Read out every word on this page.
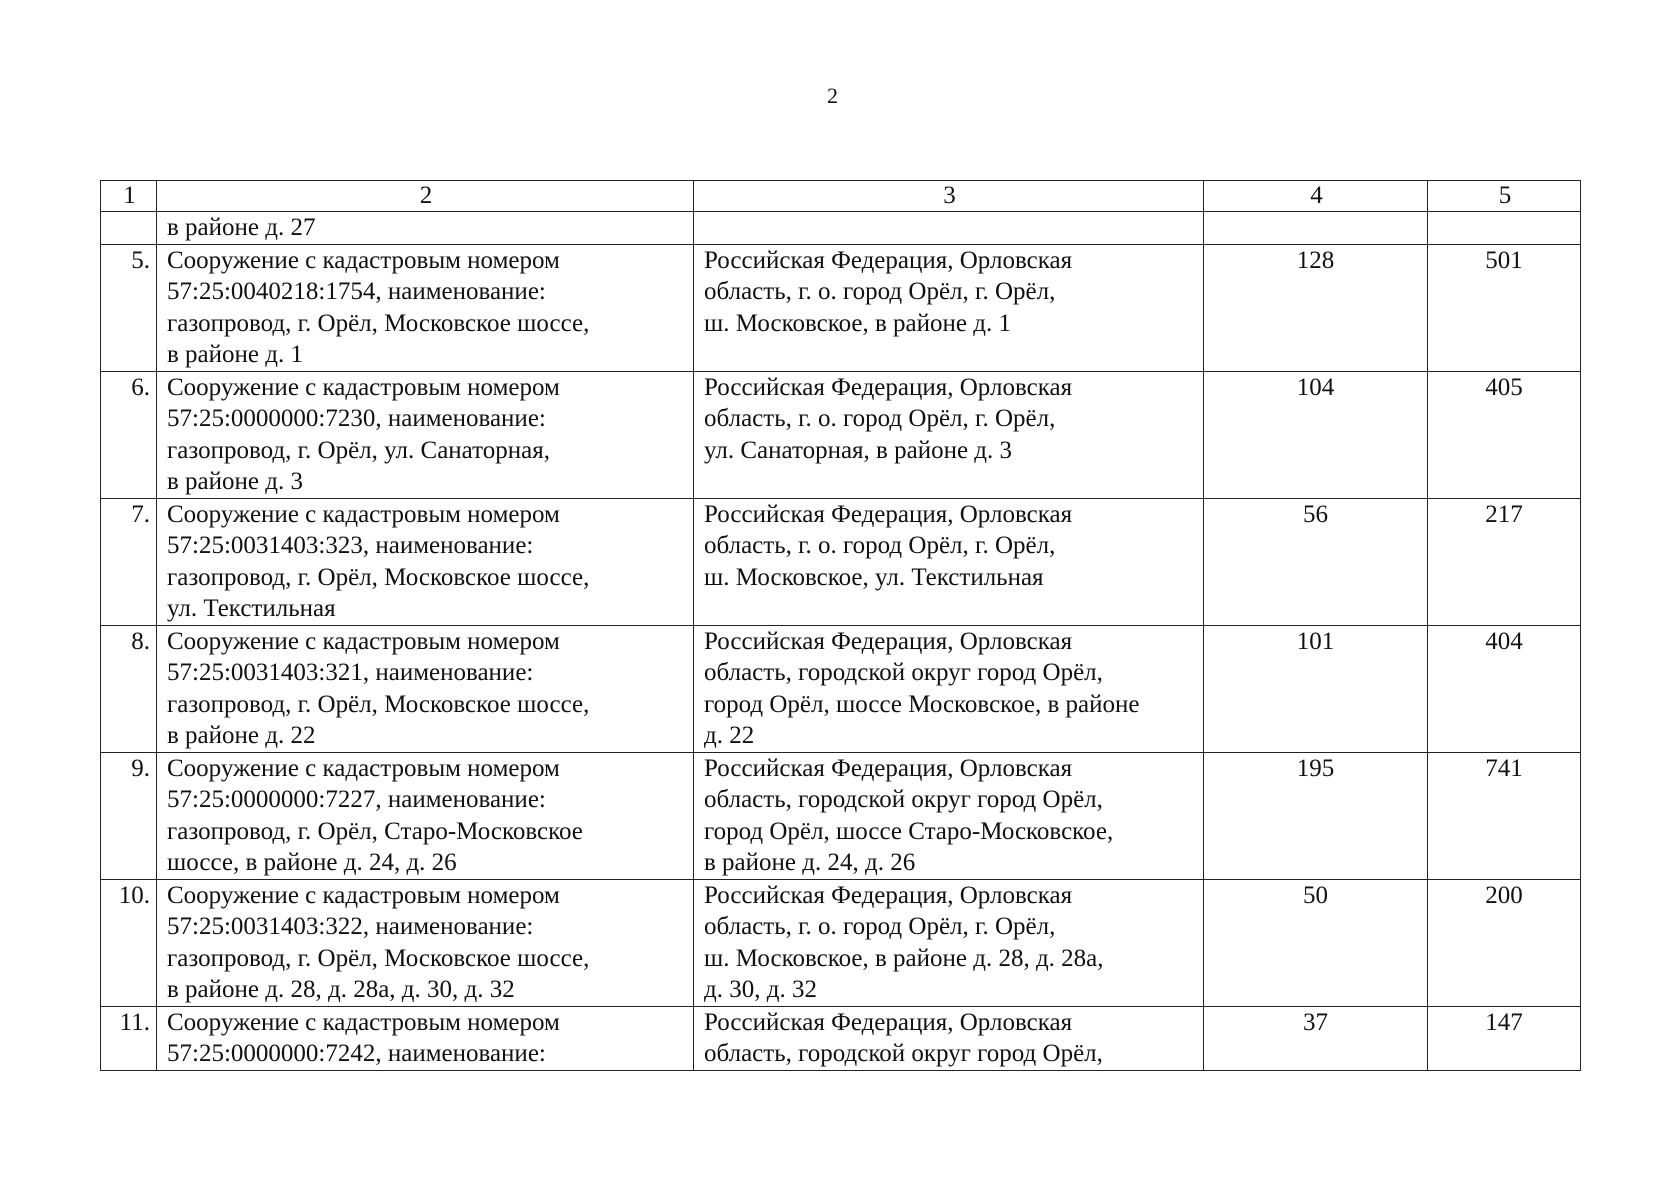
2
1	2	3	4	5

	в районе д. 27			

5.	Сооружение с кадастровым номером
57:25:0040218:1754, наименование:
газопровод, г. Орёл, Московское шоссе,
в районе д. 1	Российская Федерация, Орловская
область, г. о. город Орёл, г. Орёл,
ш. Московское, в районе д. 1	128	501
6.	Сооружение с кадастровым номером
57:25:0000000:7230, наименование:
газопровод, г. Орёл, ул. Санаторная,
в районе д. 3	Российская Федерация, Орловская
область, г. о. город Орёл, г. Орёл,
ул. Санаторная, в районе д. 3	104	405
7.	Сооружение с кадастровым номером
57:25:0031403:323, наименование:
газопровод, г. Орёл, Московское шоссе,
ул. Текстильная	Российская Федерация, Орловская
область, г. о. город Орёл, г. Орёл,
ш. Московское, ул. Текстильная	56	217
8.	Сооружение с кадастровым номером
57:25:0031403:321, наименование:
газопровод, г. Орёл, Московское шоссе,
в районе д. 22	Российская Федерация, Орловская
область, городской округ город Орёл,
город Орёл, шоссе Московское, в районе
д. 22	101	404
9.	Сооружение с кадастровым номером
57:25:0000000:7227, наименование:
газопровод, г. Орёл, Старо-Московское
шоссе, в районе д. 24, д. 26	Российская Федерация, Орловская
область, городской округ город Орёл,
город Орёл, шоссе Старо-Московское,
в районе д. 24, д. 26	195	741
10.	Сооружение с кадастровым номером
57:25:0031403:322, наименование:
газопровод, г. Орёл, Московское шоссе,
в районе д. 28, д. 28а, д. 30, д. 32	Российская Федерация, Орловская
область, г. о. город Орёл, г. Орёл,
ш. Московское, в районе д. 28, д. 28а,
д. 30, д. 32	50	200
11.	Сооружение с кадастровым номером
57:25:0000000:7242, наименование:	Российская Федерация, Орловская
область, городской округ город Орёл,	37	147
